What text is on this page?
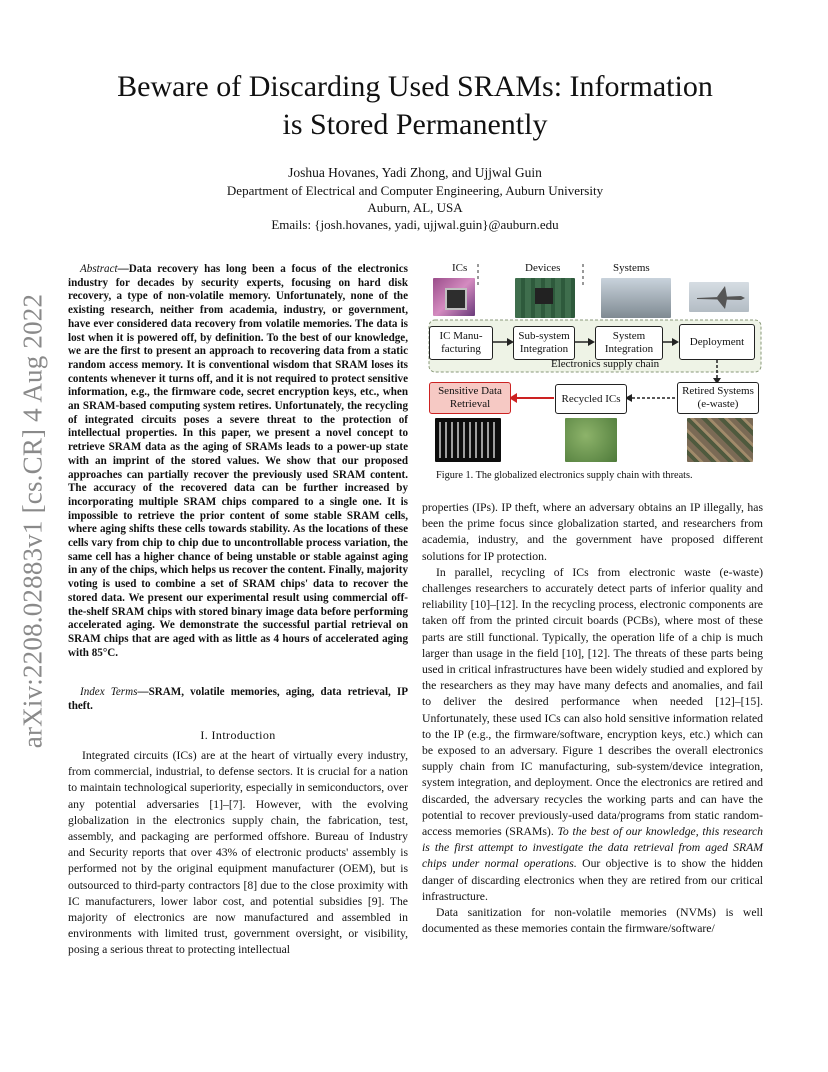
arXiv:2208.02883v1 [cs.CR] 4 Aug 2022
Beware of Discarding Used SRAMs: Information
is Stored Permanently
Joshua Hovanes, Yadi Zhong, and Ujjwal Guin
Department of Electrical and Computer Engineering, Auburn University
Auburn, AL, USA
Emails: {josh.hovanes, yadi, ujjwal.guin}@auburn.edu
Abstract—Data recovery has long been a focus of the electronics industry for decades by security experts, focusing on hard disk recovery, a type of non-volatile memory. Unfortunately, none of the existing research, neither from academia, industry, or government, have ever considered data recovery from volatile memories. The data is lost when it is powered off, by definition. To the best of our knowledge, we are the first to present an approach to recovering data from a static random access memory. It is conventional wisdom that SRAM loses its contents whenever it turns off, and it is not required to protect sensitive information, e.g., the firmware code, secret encryption keys, etc., when an SRAM-based computing system retires. Unfortunately, the recycling of integrated circuits poses a severe threat to the protection of intellectual properties. In this paper, we present a novel concept to retrieve SRAM data as the aging of SRAMs leads to a power-up state with an imprint of the stored values. We show that our proposed approaches can partially recover the previously used SRAM content. The accuracy of the recovered data can be further increased by incorporating multiple SRAM chips compared to a single one. It is impossible to retrieve the prior content of some stable SRAM cells, where aging shifts these cells towards stability. As the locations of these cells vary from chip to chip due to uncontrollable process variation, the same cell has a higher chance of being unstable or stable against aging in any of the chips, which helps us recover the content. Finally, majority voting is used to combine a set of SRAM chips' data to recover the stored data. We present our experimental result using commercial off-the-shelf SRAM chips with stored binary image data before performing accelerated aging. We demonstrate the successful partial retrieval on SRAM chips that are aged with as little as 4 hours of accelerated aging with 85°C.
Index Terms—SRAM, volatile memories, aging, data retrieval, IP theft.
I. Introduction

Integrated circuits (ICs) are at the heart of virtually every industry, from commercial, industrial, to defense sectors. It is crucial for a nation to maintain technological superiority, especially in semiconductors, over any potential adversaries [1]–[7]. However, with the evolving globalization in the electronics supply chain, the fabrication, test, assembly, and packaging are performed offshore. Bureau of Industry and Security reports that over 43% of electronic products' assembly is performed not by the original equipment manufacturer (OEM), but is outsourced to third-party contractors [8] due to the close proximity with IC manufacturers, lower labor cost, and potential subsidies [9]. The majority of electronics are now manufactured and assembled in environments with limited trust, government oversight, or visibility, posing a serious threat to protecting intellectual

ICs	Devices	Systems
IC Manu-
facturing
Sub-system
Integration
System
Integration
Deployment
Electronics supply chain
Sensitive Data
Retrieval	Recycled ICs
Retired Systems
(e-waste)
Figure 1. The globalized electronics supply chain with threats.

properties (IPs). IP theft, where an adversary obtains an IP illegally, has been the prime focus since globalization started, and researchers from academia, industry, and the government have proposed different solutions for IP protection.

In parallel, recycling of ICs from electronic waste (e-waste) challenges researchers to accurately detect parts of inferior quality and reliability [10]–[12]. In the recycling process, electronic components are taken off from the printed circuit boards (PCBs), where most of these parts are still functional. Typically, the operation life of a chip is much larger than usage in the field [10], [12]. The threats of these parts being used in critical infrastructures have been widely studied and explored by the researchers as they may have many defects and anomalies, and fail to deliver the desired performance when needed [12]–[15]. Unfortunately, these used ICs can also hold sensitive information related to the IP (e.g., the firmware/software, encryption keys, etc.) which can be exposed to an adversary. Figure 1 describes the overall electronics supply chain from IC manufacturing, sub-system/device integration, system integration, and deployment. Once the electronics are retired and discarded, the adversary recycles the working parts and can have the potential to recover previously-used data/programs from static random-access memories (SRAMs). To the best of our knowledge, this research is the first attempt to investigate the data retrieval from aged SRAM chips under normal operations. Our objective is to show the hidden danger of discarding electronics when they are retired from our critical infrastructure.

Data sanitization for non-volatile memories (NVMs) is well documented as these memories contain the firmware/software/
